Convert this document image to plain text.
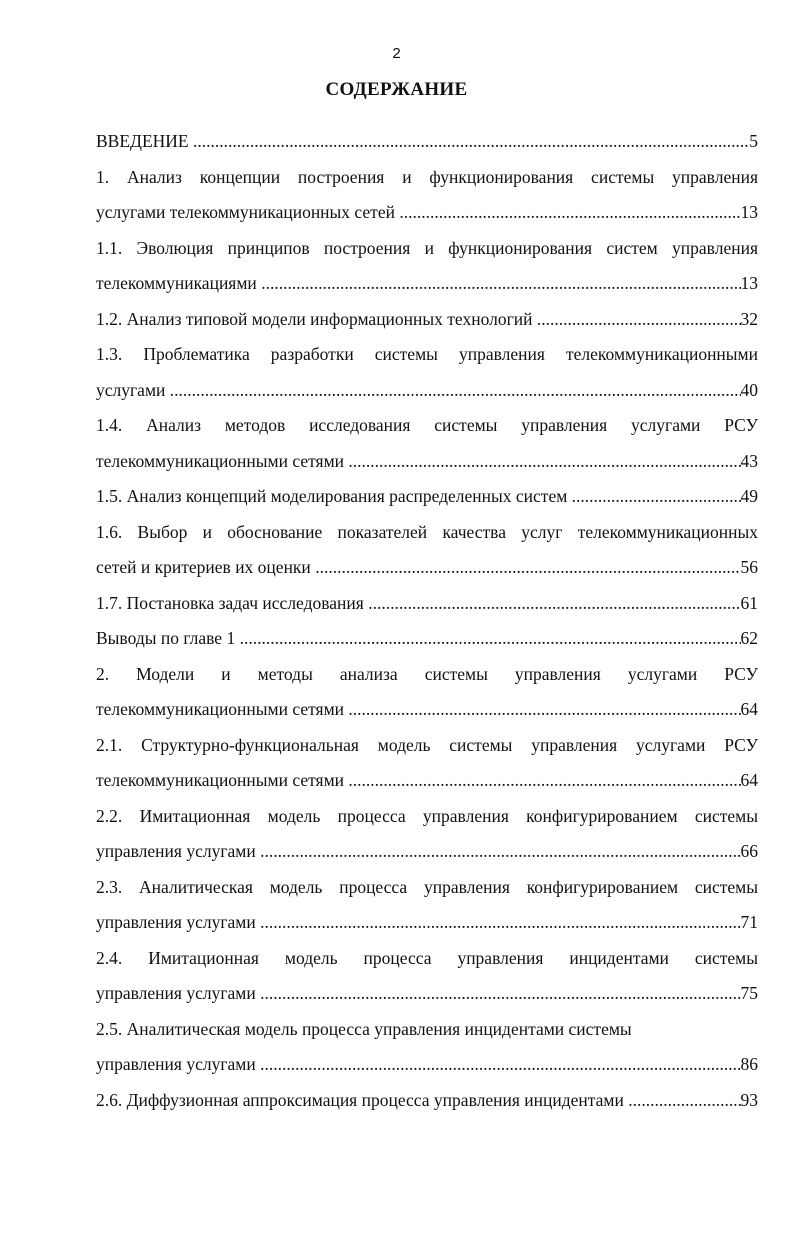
2
СОДЕРЖАНИЕ
ВВЕДЕНИЕ .....	5
1. Анализ концепции построения и функционирования системы управления
услугами телекоммуникационных сетей .....	13
1.1. Эволюция принципов построения и функционирования систем управления
телекоммуникациями .....	13
1.2. Анализ типовой модели информационных технологий .....	32
1.3. Проблематика разработки системы управления телекоммуникационными
услугами .....	40
1.4. Анализ методов исследования системы управления услугами РСУ
телекоммуникационными сетями .....	43
1.5. Анализ концепций моделирования распределенных систем .....	49
1.6. Выбор и обоснование показателей качества услуг телекоммуникационных
сетей и критериев их оценки .....	56
1.7. Постановка задач исследования .....	61
Выводы по главе 1 .....	62
2. Модели и методы анализа системы управления услугами РСУ
телекоммуникационными сетями .....	64
2.1. Структурно-функциональная модель системы управления услугами РСУ
телекоммуникационными сетями .....	64
2.2. Имитационная модель процесса управления конфигурированием системы
управления услугами .....	66
2.3. Аналитическая модель процесса управления конфигурированием системы
управления услугами .....	71
2.4. Имитационная модель процесса управления инцидентами системы
управления услугами .....	75
2.5. Аналитическая модель процесса управления инцидентами системы
управления услугами .....	86
2.6. Диффузионная аппроксимация процесса управления инцидентами .....	93
